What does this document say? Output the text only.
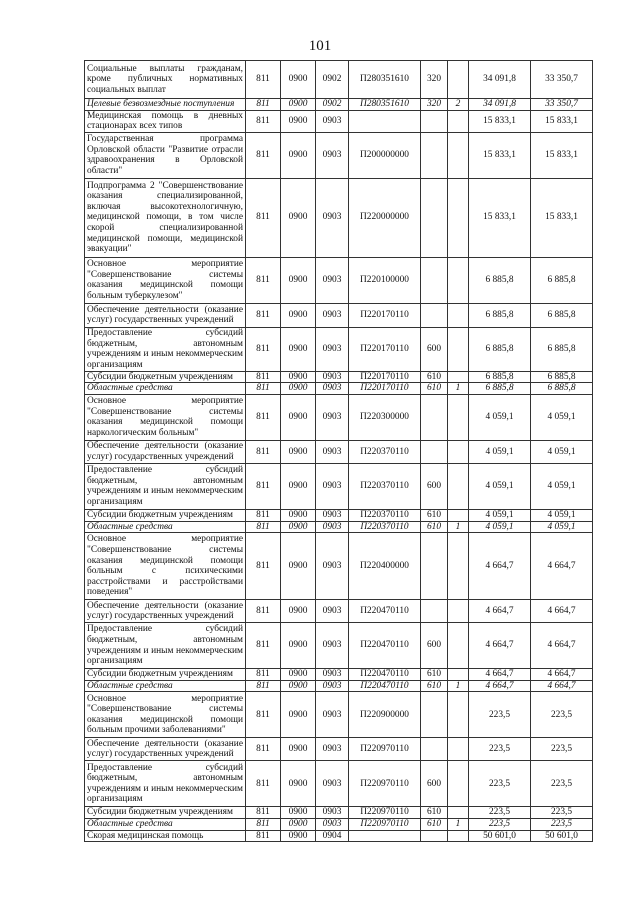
101
Социальные выплаты гражданам, кроме публичных нормативных социальных выплат	811	0900	0902	П280351610	320		34 091,8	33 350,7
Целевые безвозмездные поступления	811	0900	0902	П280351610	320	2	34 091,8	33 350,7
Медицинская помощь в дневных стационарах всех типов	811	0900	0903				15 833,1	15 833,1
Государственная программа Орловской области "Развитие отрасли здравоохранения в Орловской области"	811	0900	0903	П200000000			15 833,1	15 833,1
Подпрограмма 2 "Совершенствование оказания специализированной, включая высокотехнологичную, медицинской помощи, в том числе скорой специализированной медицинской помощи, медицинской эвакуации"	811	0900	0903	П220000000			15 833,1	15 833,1
Основное мероприятие "Совершенствование системы оказания медицинской помощи больным туберкулезом"	811	0900	0903	П220100000			6 885,8	6 885,8
Обеспечение деятельности (оказание услуг) государственных учреждений	811	0900	0903	П220170110			6 885,8	6 885,8
Предоставление субсидий бюджетным, автономным учреждениям и иным некоммерческим организациям	811	0900	0903	П220170110	600		6 885,8	6 885,8
Субсидии бюджетным учреждениям	811	0900	0903	П220170110	610		6 885,8	6 885,8
Областные средства	811	0900	0903	П220170110	610	1	6 885,8	6 885,8
Основное мероприятие "Совершенствование системы оказания медицинской помощи наркологическим больным"	811	0900	0903	П220300000			4 059,1	4 059,1
Обеспечение деятельности (оказание услуг) государственных учреждений	811	0900	0903	П220370110			4 059,1	4 059,1
Предоставление субсидий бюджетным, автономным учреждениям и иным некоммерческим организациям	811	0900	0903	П220370110	600		4 059,1	4 059,1
Субсидии бюджетным учреждениям	811	0900	0903	П220370110	610		4 059,1	4 059,1
Областные средства	811	0900	0903	П220370110	610	1	4 059,1	4 059,1
Основное мероприятие "Совершенствование системы оказания медицинской помощи больным с психическими расстройствами и расстройствами поведения"	811	0900	0903	П220400000			4 664,7	4 664,7
Обеспечение деятельности (оказание услуг) государственных учреждений	811	0900	0903	П220470110			4 664,7	4 664,7
Предоставление субсидий бюджетным, автономным учреждениям и иным некоммерческим организациям	811	0900	0903	П220470110	600		4 664,7	4 664,7
Субсидии бюджетным учреждениям	811	0900	0903	П220470110	610		4 664,7	4 664,7
Областные средства	811	0900	0903	П220470110	610	1	4 664,7	4 664,7
Основное мероприятие "Совершенствование системы оказания медицинской помощи больным прочими заболеваниями"	811	0900	0903	П220900000			223,5	223,5
Обеспечение деятельности (оказание услуг) государственных учреждений	811	0900	0903	П220970110			223,5	223,5
Предоставление субсидий бюджетным, автономным учреждениям и иным некоммерческим организациям	811	0900	0903	П220970110	600		223,5	223,5
Субсидии бюджетным учреждениям	811	0900	0903	П220970110	610		223,5	223,5
Областные средства	811	0900	0903	П220970110	610	1	223,5	223,5
Скорая медицинская помощь	811	0900	0904				50 601,0	50 601,0
